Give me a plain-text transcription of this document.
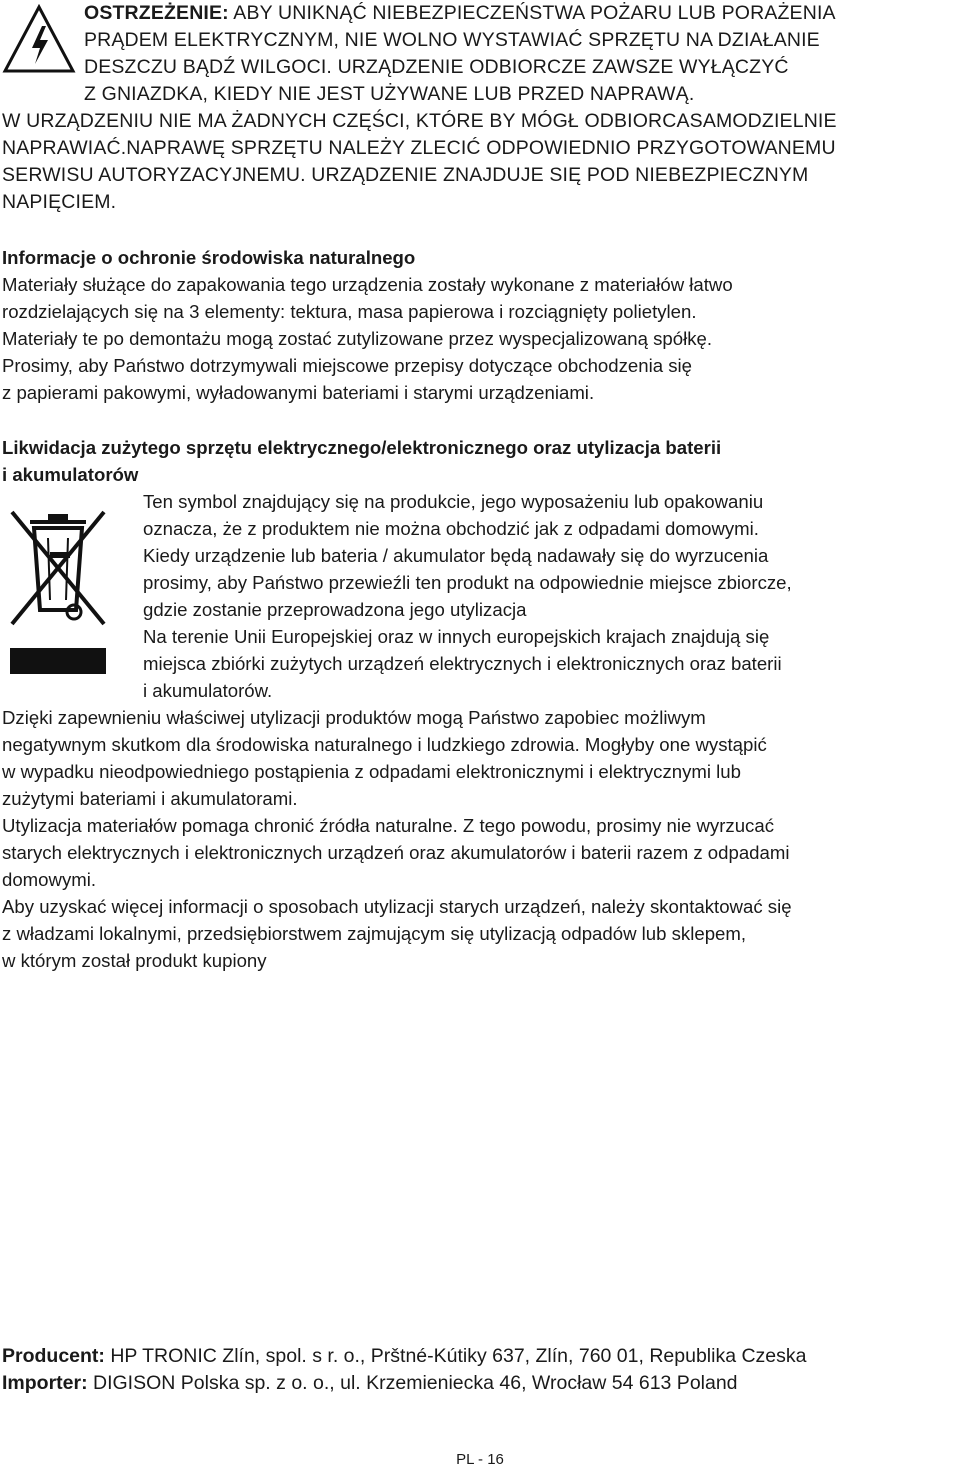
OSTRZEŻENIE: ABY UNIKNĄĆ NIEBEZPIECZEŃSTWA POŻARU LUB PORAŻENIA
PRĄDEM ELEKTRYCZNYM, NIE WOLNO WYSTAWIAĆ SPRZĘTU NA DZIAŁANIE
DESZCZU BĄDŹ WILGOCI. URZĄDZENIE ODBIORCZE ZAWSZE WYŁĄCZYĆ
Z GNIAZDKA, KIEDY NIE JEST UŻYWANE LUB PRZED NAPRAWĄ.
W URZĄDZENIU NIE MA ŻADNYCH CZĘŚCI, KTÓRE BY MÓGŁ ODBIORCASAMODZIELNIE
NAPRAWIAĆ.NAPRAWĘ SPRZĘTU NALEŻY ZLECIĆ ODPOWIEDNIO PRZYGOTOWANEMU
SERWISU AUTORYZACYJNEMU. URZĄDZENIE ZNAJDUJE SIĘ POD NIEBEZPIECZNYM
NAPIĘCIEM.
Informacje o ochronie środowiska naturalnego
Materiały służące do zapakowania tego urządzenia zostały wykonane z materiałów łatwo
rozdzielających się na 3 elementy: tektura, masa papierowa i rozciągnięty polietylen.
Materiały te po demontażu mogą zostać zutylizowane przez wyspecjalizowaną spółkę.
Prosimy, aby Państwo dotrzymywali miejscowe przepisy dotyczące obchodzenia się
z papierami pakowymi, wyładowanymi bateriami i starymi urządzeniami.
Likwidacja zużytego sprzętu elektrycznego/elektronicznego oraz utylizacja baterii
i akumulatorów
Ten symbol znajdujący się na produkcie, jego wyposażeniu lub opakowaniu
oznacza, że z produktem nie można obchodzić jak z odpadami domowymi.
Kiedy urządzenie lub bateria / akumulator będą nadawały się do wyrzucenia
prosimy, aby Państwo przewieźli ten produkt na odpowiednie miejsce zbiorcze,
gdzie zostanie przeprowadzona jego utylizacja
Na terenie Unii Europejskiej oraz w innych europejskich krajach znajdują się
miejsca zbiórki zużytych urządzeń elektrycznych i elektronicznych oraz baterii
i akumulatorów.
Dzięki zapewnieniu właściwej utylizacji produktów mogą Państwo zapobiec możliwym
negatywnym skutkom dla środowiska naturalnego i ludzkiego zdrowia. Mogłyby one wystąpić
w wypadku nieodpowiedniego postąpienia z odpadami elektronicznymi i elektrycznymi lub
zużytymi bateriami i akumulatorami.
Utylizacja materiałów pomaga chronić źródła naturalne. Z tego powodu, prosimy nie wyrzucać
starych elektrycznych i elektronicznych urządzeń oraz akumulatorów i baterii razem z odpadami
domowymi.
Aby uzyskać więcej informacji o sposobach utylizacji starych urządzeń, należy skontaktować się
z władzami lokalnymi, przedsiębiorstwem zajmującym się utylizacją odpadów lub sklepem,
w którym został produkt kupiony
Producent: HP TRONIC Zlín, spol. s r. o., Prštné-Kútiky 637, Zlín, 760 01, Republika Czeska
Importer: DIGISON Polska sp. z o. o., ul. Krzemieniecka 46, Wrocław 54 613 Poland
PL - 16
